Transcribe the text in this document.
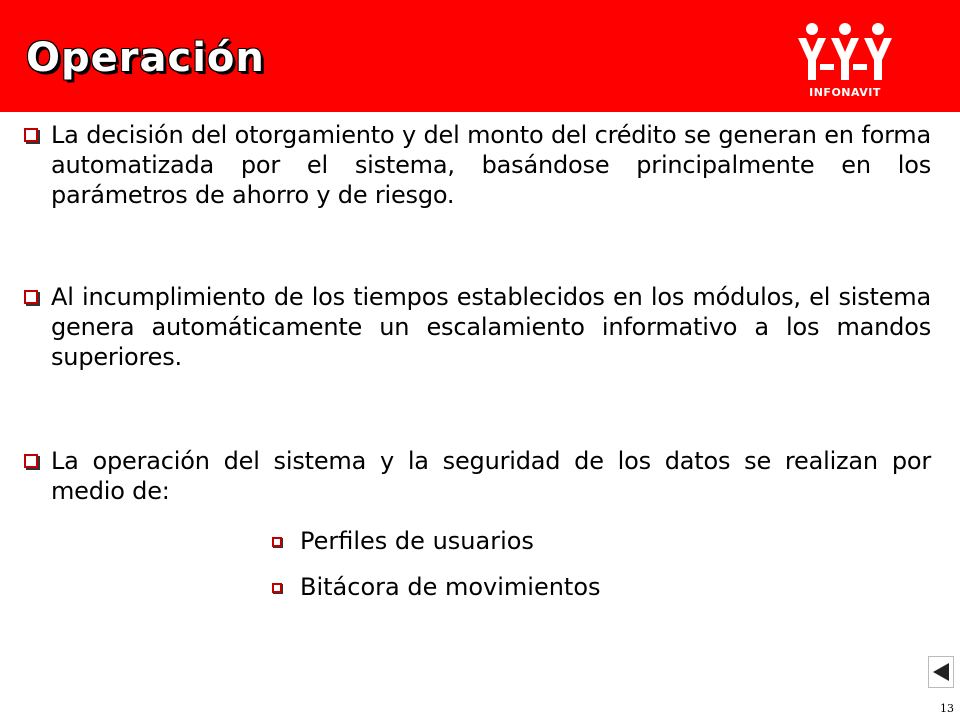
Operación
INFONAVIT
La decisión del otorgamiento y del monto del crédito se generan en forma automatizada por el sistema, basándose principalmente en los parámetros de ahorro y de riesgo.
Al incumplimiento de los tiempos establecidos en los módulos, el sistema genera automáticamente un escalamiento informativo a los mandos superiores.
La operación del sistema y la seguridad de los datos se realizan por medio de:
Perfiles de usuarios
Bitácora de movimientos
13
